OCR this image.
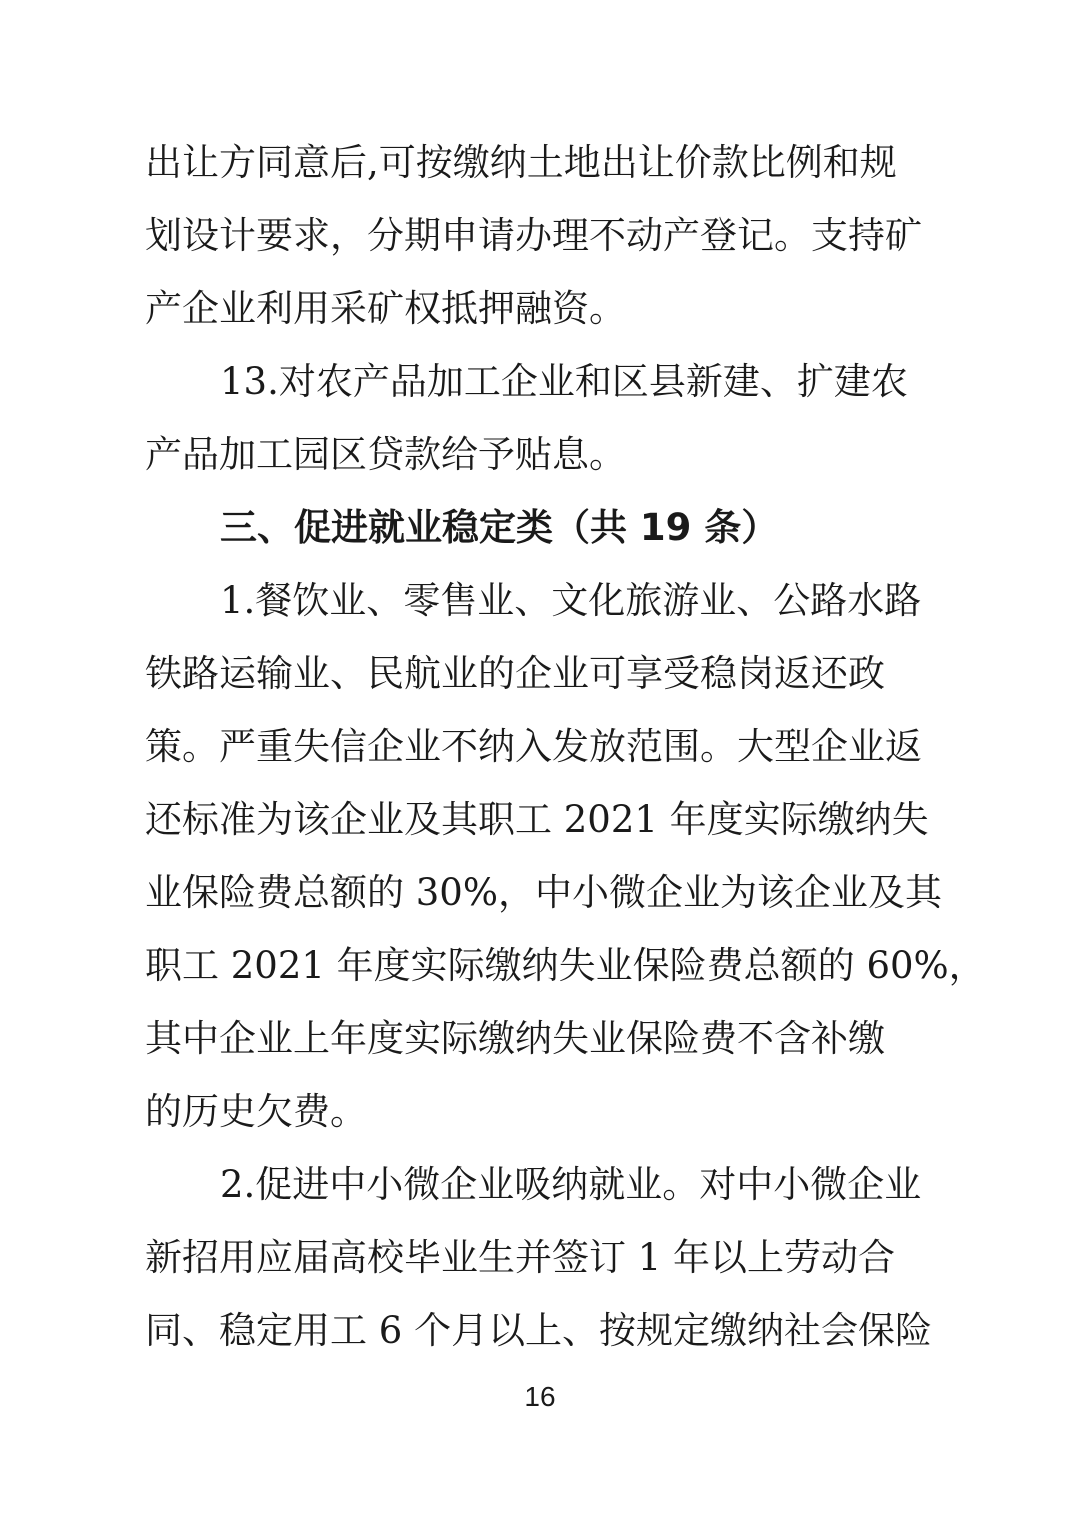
出让方同意后,可按缴纳土地出让价款比例和规
划设计要求，分期申请办理不动产登记。支持矿
产企业利用采矿权抵押融资。
13.对农产品加工企业和区县新建、扩建农
产品加工园区贷款给予贴息。
三、促进就业稳定类（共 19 条）
1.餐饮业、零售业、文化旅游业、公路水路
铁路运输业、民航业的企业可享受稳岗返还政
策。严重失信企业不纳入发放范围。大型企业返
还标准为该企业及其职工 2021 年度实际缴纳失
业保险费总额的 30%，中小微企业为该企业及其
职工 2021 年度实际缴纳失业保险费总额的 60%，
其中企业上年度实际缴纳失业保险费不含补缴
的历史欠费。
2.促进中小微企业吸纳就业。对中小微企业
新招用应届高校毕业生并签订 1 年以上劳动合
同、稳定用工 6 个月以上、按规定缴纳社会保险
16
